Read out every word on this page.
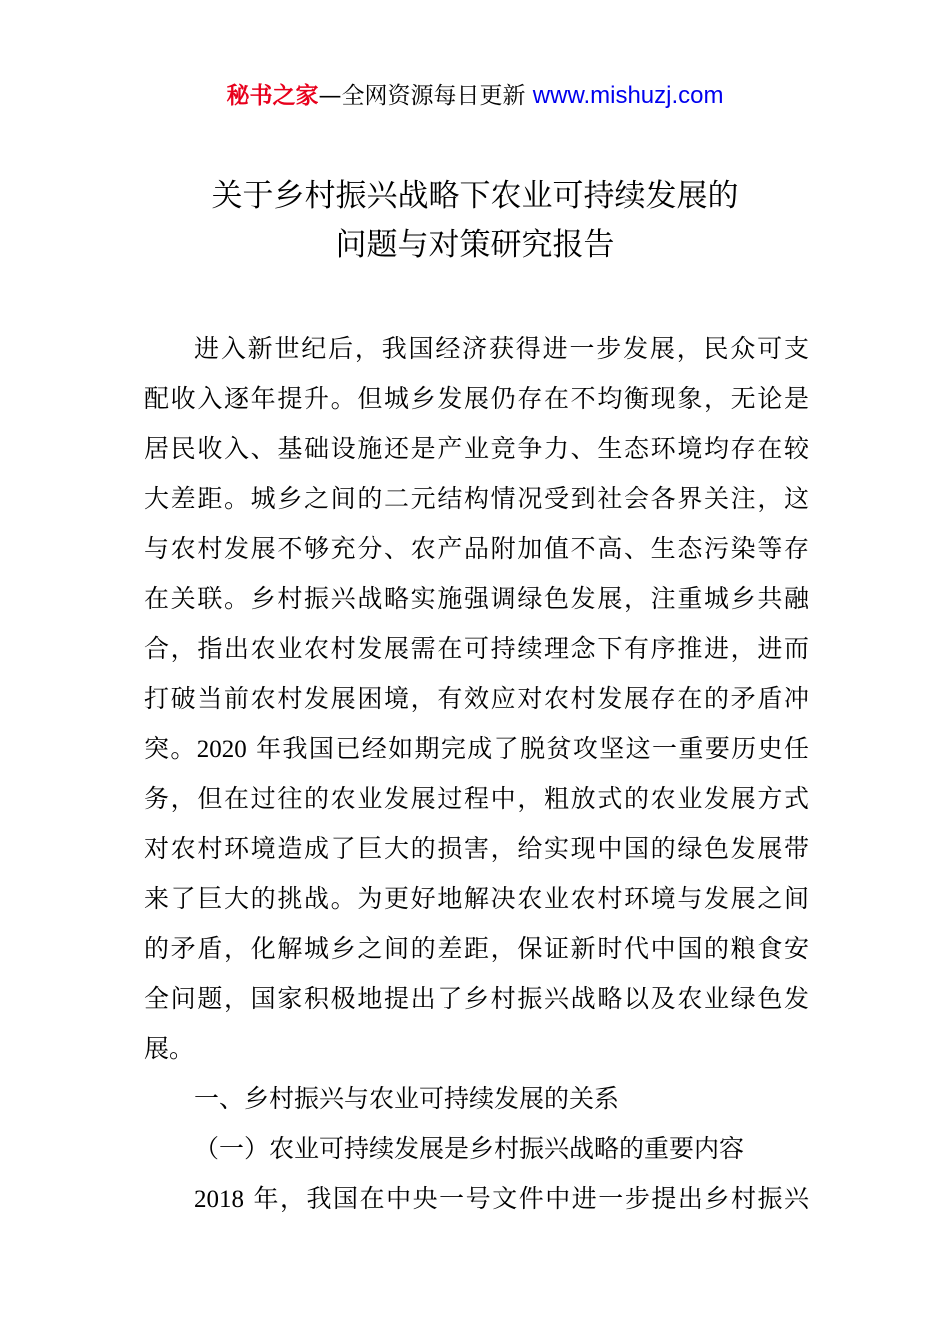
秘书之家—全网资源每日更新 www.mishuzj.com
关于乡村振兴战略下农业可持续发展的
问题与对策研究报告
进入新世纪后，我国经济获得进一步发展，民众可支
配收入逐年提升。但城乡发展仍存在不均衡现象，无论是
居民收入、基础设施还是产业竞争力、生态环境均存在较
大差距。城乡之间的二元结构情况受到社会各界关注，这
与农村发展不够充分、农产品附加值不高、生态污染等存
在关联。乡村振兴战略实施强调绿色发展，注重城乡共融
合，指出农业农村发展需在可持续理念下有序推进，进而
打破当前农村发展困境，有效应对农村发展存在的矛盾冲
突。2020 年我国已经如期完成了脱贫攻坚这一重要历史任
务，但在过往的农业发展过程中，粗放式的农业发展方式
对农村环境造成了巨大的损害，给实现中国的绿色发展带
来了巨大的挑战。为更好地解决农业农村环境与发展之间
的矛盾，化解城乡之间的差距，保证新时代中国的粮食安
全问题，国家积极地提出了乡村振兴战略以及农业绿色发
展。
一、乡村振兴与农业可持续发展的关系
（一）农业可持续发展是乡村振兴战略的重要内容
2018 年，我国在中央一号文件中进一步提出乡村振兴
